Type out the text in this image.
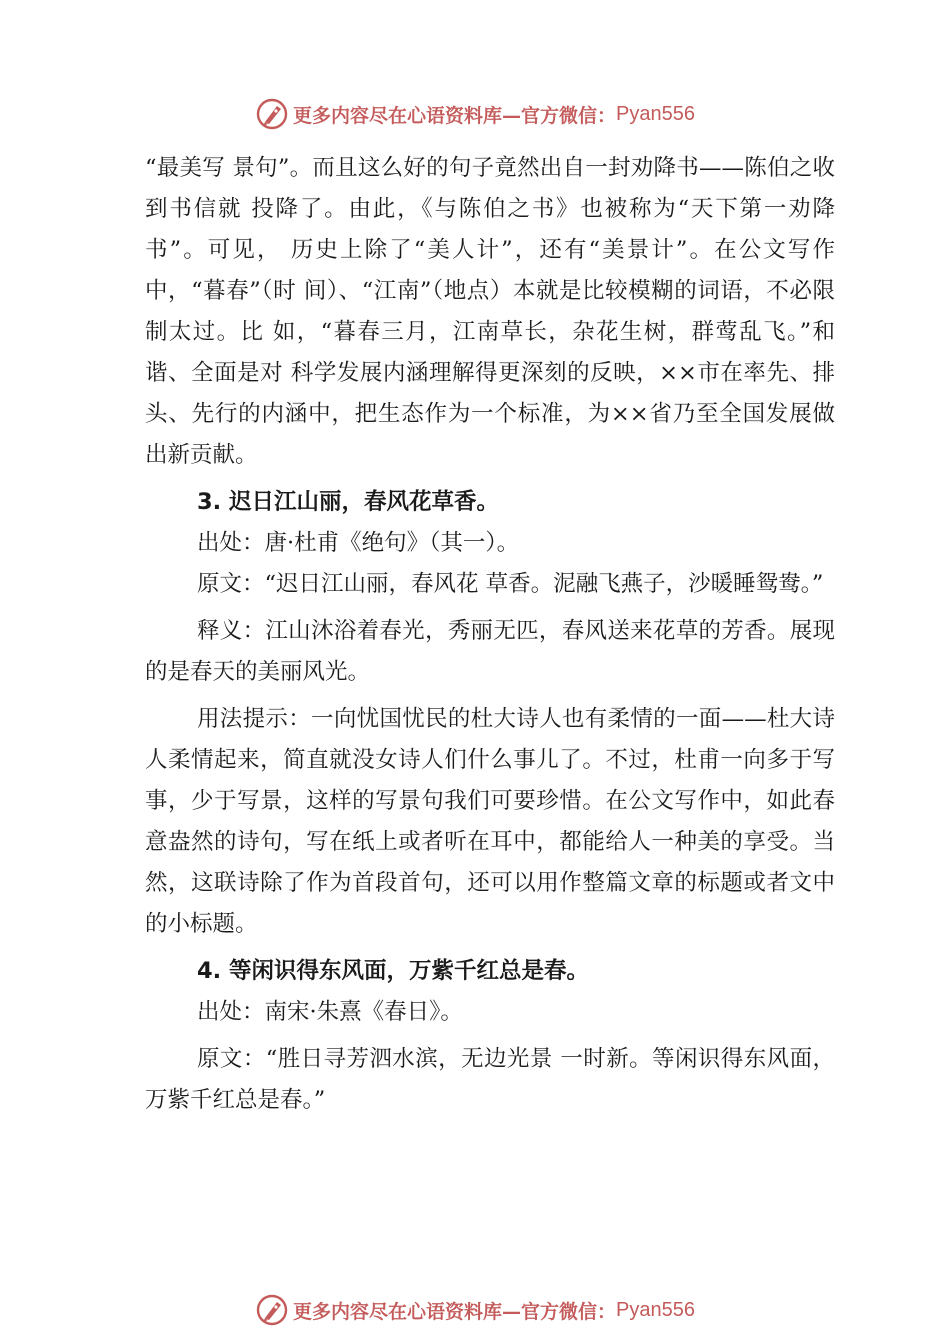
更多内容尽在心语资料库—官方微信： Pyan556

“最美写 景句”。而且这么好的句子竟然出自一封劝降书——陈伯之收到书信就 投降了。由此，《与陈伯之书》也被称为“天下第一劝降书”。可见， 历史上除了“美人计”，还有“美景计”。在公文写作中，“暮春”（时 间）、“江南”（地点）本就是比较模糊的词语，不必限制太过。比 如，“暮春三月，江南草长，杂花生树，群莺乱飞。”和谐、全面是对 科学发展内涵理解得更深刻的反映，××市在率先、排头、先行的内涵中，把生态作为一个标准，为××省乃至全国发展做出新贡献。

3. 迟日江山丽，春风花草香。

出处：唐·杜甫《绝句》（其一）。

原文：“迟日江山丽，春风花 草香。泥融飞燕子，沙暖睡鸳鸯。”

释义：江山沐浴着春光，秀丽无匹，春风送来花草的芳香。展现 的是春天的美丽风光。

用法提示：一向忧国忧民的杜大诗人也有柔情的一面——杜大诗 人柔情起来，简直就没女诗人们什么事儿了。不过，杜甫一向多于写 事，少于写景，这样的写景句我们可要珍惜。在公文写作中，如此春 意盎然的诗句，写在纸上或者听在耳中，都能给人一种美的享受。当 然，这联诗除了作为首段首句，还可以用作整篇文章的标题或者文中 的小标题。

4. 等闲识得东风面，万紫千红总是春。

出处：南宋·朱熹《春日》。

原文：“胜日寻芳泗水滨，无边光景 一时新。等闲识得东风面，万紫千红总是春。”

更多内容尽在心语资料库—官方微信： Pyan556
